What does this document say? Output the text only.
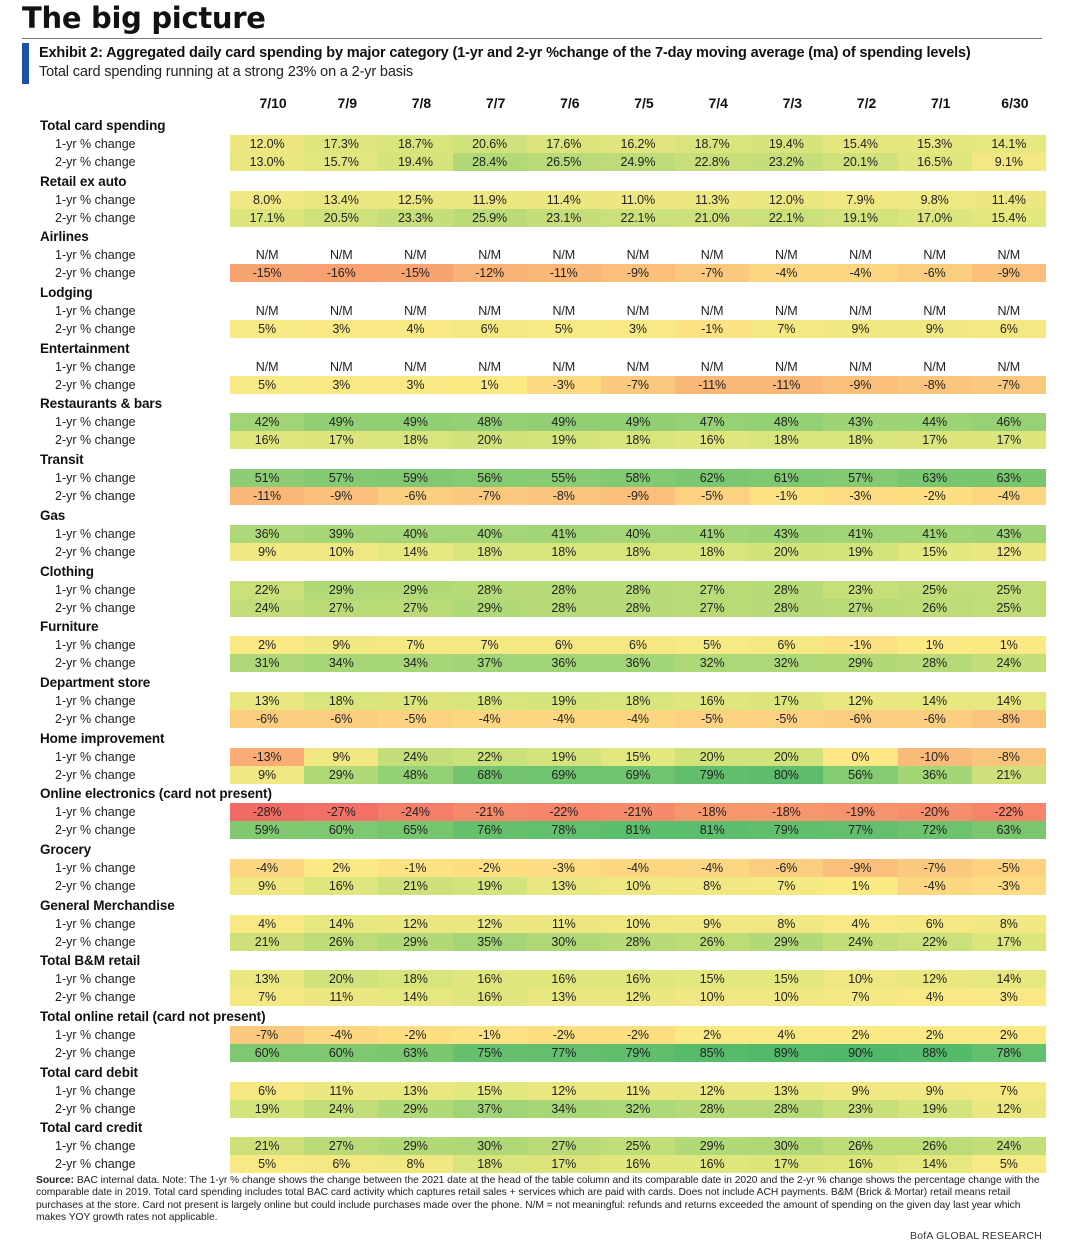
The big picture
Exhibit 2: Aggregated daily card spending by major category (1-yr and 2-yr %change of the 7-day moving average (ma) of spending levels)
Total card spending running at a strong 23% on a 2-yr basis
7/10	7/9	7/8	7/7	7/6	7/5	7/4	7/3	7/2	7/1	6/30
Total card spending
1-yr % change	12.0%	17.3%	18.7%	20.6%	17.6%	16.2%	18.7%	19.4%	15.4%	15.3%	14.1%
2-yr % change	13.0%	15.7%	19.4%	28.4%	26.5%	24.9%	22.8%	23.2%	20.1%	16.5%	9.1%
Retail ex auto
1-yr % change	8.0%	13.4%	12.5%	11.9%	11.4%	11.0%	11.3%	12.0%	7.9%	9.8%	11.4%
2-yr % change	17.1%	20.5%	23.3%	25.9%	23.1%	22.1%	21.0%	22.1%	19.1%	17.0%	15.4%
Airlines
1-yr % change	N/M	N/M	N/M	N/M	N/M	N/M	N/M	N/M	N/M	N/M	N/M
2-yr % change	-15%	-16%	-15%	-12%	-11%	-9%	-7%	-4%	-4%	-6%	-9%
Lodging
1-yr % change	N/M	N/M	N/M	N/M	N/M	N/M	N/M	N/M	N/M	N/M	N/M
2-yr % change	5%	3%	4%	6%	5%	3%	-1%	7%	9%	9%	6%
Entertainment
1-yr % change	N/M	N/M	N/M	N/M	N/M	N/M	N/M	N/M	N/M	N/M	N/M
2-yr % change	5%	3%	3%	1%	-3%	-7%	-11%	-11%	-9%	-8%	-7%
Restaurants & bars
1-yr % change	42%	49%	49%	48%	49%	49%	47%	48%	43%	44%	46%
2-yr % change	16%	17%	18%	20%	19%	18%	16%	18%	18%	17%	17%
Transit
1-yr % change	51%	57%	59%	56%	55%	58%	62%	61%	57%	63%	63%
2-yr % change	-11%	-9%	-6%	-7%	-8%	-9%	-5%	-1%	-3%	-2%	-4%
Gas
1-yr % change	36%	39%	40%	40%	41%	40%	41%	43%	41%	41%	43%
2-yr % change	9%	10%	14%	18%	18%	18%	18%	20%	19%	15%	12%
Clothing
1-yr % change	22%	29%	29%	28%	28%	28%	27%	28%	23%	25%	25%
2-yr % change	24%	27%	27%	29%	28%	28%	27%	28%	27%	26%	25%
Furniture
1-yr % change	2%	9%	7%	7%	6%	6%	5%	6%	-1%	1%	1%
2-yr % change	31%	34%	34%	37%	36%	36%	32%	32%	29%	28%	24%
Department store
1-yr % change	13%	18%	17%	18%	19%	18%	16%	17%	12%	14%	14%
2-yr % change	-6%	-6%	-5%	-4%	-4%	-4%	-5%	-5%	-6%	-6%	-8%
Home improvement
1-yr % change	-13%	9%	24%	22%	19%	15%	20%	20%	0%	-10%	-8%
2-yr % change	9%	29%	48%	68%	69%	69%	79%	80%	56%	36%	21%
Online electronics (card not present)
1-yr % change	-28%	-27%	-24%	-21%	-22%	-21%	-18%	-18%	-19%	-20%	-22%
2-yr % change	59%	60%	65%	76%	78%	81%	81%	79%	77%	72%	63%
Grocery
1-yr % change	-4%	2%	-1%	-2%	-3%	-4%	-4%	-6%	-9%	-7%	-5%
2-yr % change	9%	16%	21%	19%	13%	10%	8%	7%	1%	-4%	-3%
General Merchandise
1-yr % change	4%	14%	12%	12%	11%	10%	9%	8%	4%	6%	8%
2-yr % change	21%	26%	29%	35%	30%	28%	26%	29%	24%	22%	17%
Total B&M retail
1-yr % change	13%	20%	18%	16%	16%	16%	15%	15%	10%	12%	14%
2-yr % change	7%	11%	14%	16%	13%	12%	10%	10%	7%	4%	3%
Total online retail (card not present)
1-yr % change	-7%	-4%	-2%	-1%	-2%	-2%	2%	4%	2%	2%	2%
2-yr % change	60%	60%	63%	75%	77%	79%	85%	89%	90%	88%	78%
Total card debit
1-yr % change	6%	11%	13%	15%	12%	11%	12%	13%	9%	9%	7%
2-yr % change	19%	24%	29%	37%	34%	32%	28%	28%	23%	19%	12%
Total card credit
1-yr % change	21%	27%	29%	30%	27%	25%	29%	30%	26%	26%	24%
2-yr % change	5%	6%	8%	18%	17%	16%	16%	17%	16%	14%	5%
Source: BAC internal data. Note: The 1-yr % change shows the change between the 2021 date at the head of the table column and its comparable date in 2020 and the 2-yr % change shows the percentage change with the comparable date in 2019. Total card spending includes total BAC card activity which captures retail sales + services which are paid with cards. Does not include ACH payments. B&M (Brick & Mortar) retail means retail purchases at the store. Card not present is largely online but could include purchases made over the phone. N/M = not meaningful: refunds and returns exceeded the amount of spending on the given day last year which makes YOY growth rates not applicable.
BofA GLOBAL RESEARCH
